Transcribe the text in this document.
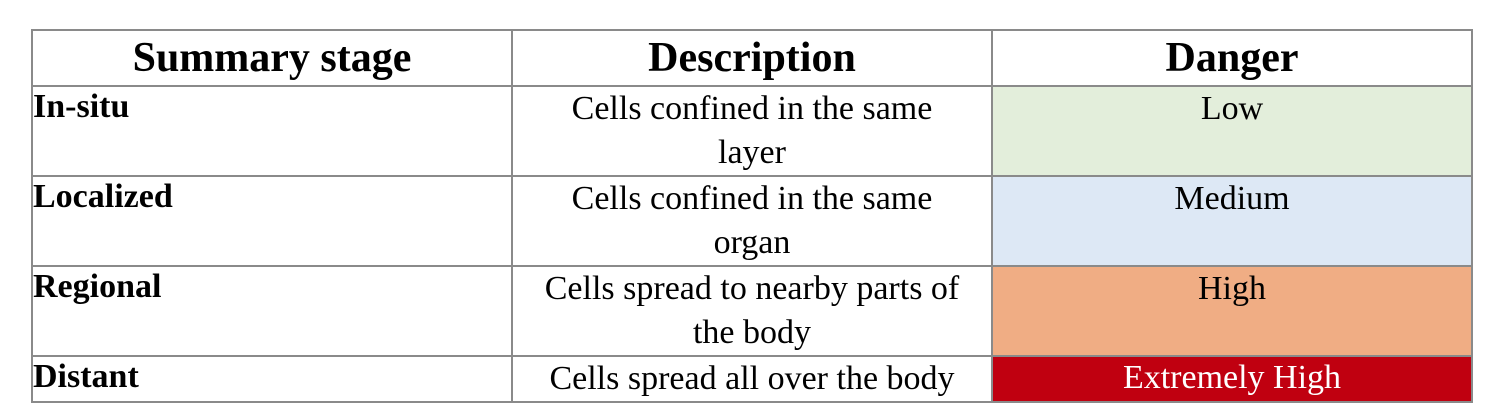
Summary stage	Description	Danger
In-situ	Cells confined in the same layer	Low
Localized	Cells confined in the same organ	Medium
Regional	Cells spread to nearby parts of the body	High
Distant	Cells spread all over the body	Extremely High
